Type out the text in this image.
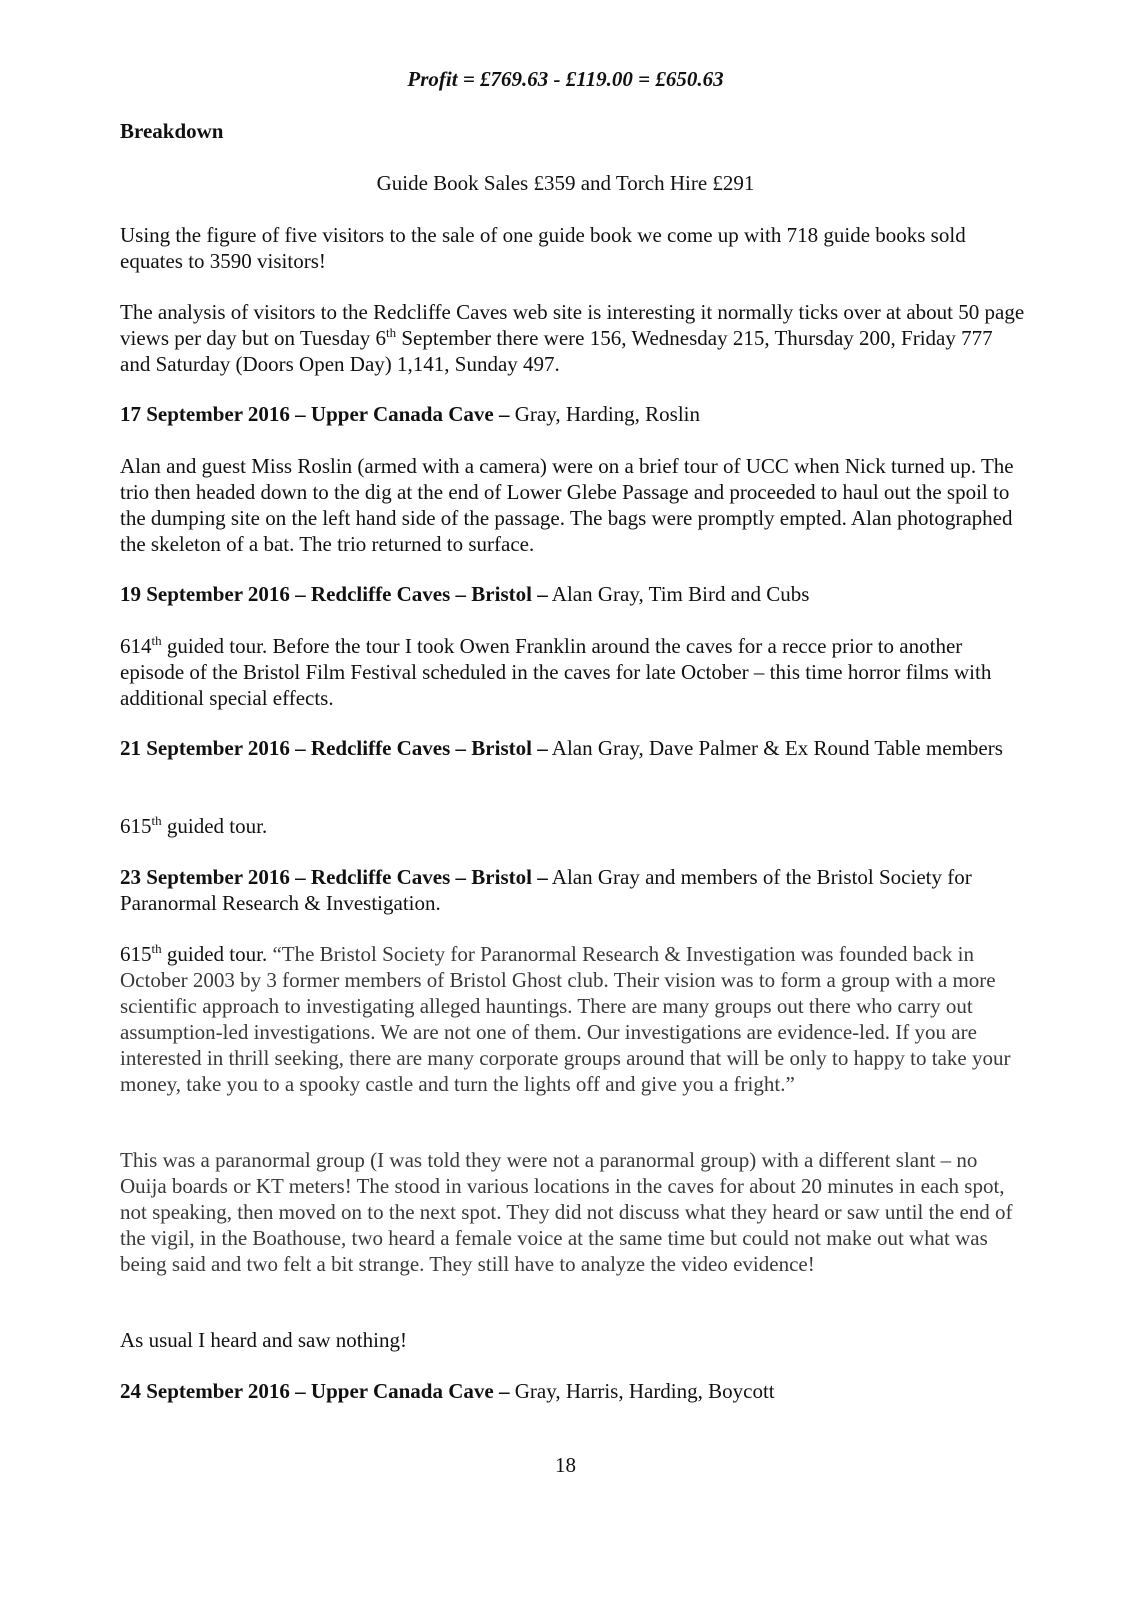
Profit = £769.63 - £119.00 = £650.63

Breakdown

Guide Book Sales £359 and Torch Hire £291

Using the figure of five visitors to the sale of one guide book we come up with 718 guide books sold equates to 3590 visitors!

The analysis of visitors to the Redcliffe Caves web site is interesting it normally ticks over at about 50 page views per day but on Tuesday 6th September there were 156, Wednesday 215, Thursday 200, Friday 777 and Saturday (Doors Open Day) 1,141, Sunday 497.

17 September 2016 – Upper Canada Cave – Gray, Harding, Roslin

Alan and guest Miss Roslin (armed with a camera) were on a brief tour of UCC when Nick turned up. The trio then headed down to the dig at the end of Lower Glebe Passage and proceeded to haul out the spoil to the dumping site on the left hand side of the passage. The bags were promptly empted. Alan photographed the skeleton of a bat. The trio returned to surface.

19 September 2016 – Redcliffe Caves – Bristol – Alan Gray, Tim Bird and Cubs

614th guided tour. Before the tour I took Owen Franklin around the caves for a recce prior to another episode of the Bristol Film Festival scheduled in the caves for late October – this time horror films with additional special effects.

21 September 2016 – Redcliffe Caves – Bristol – Alan Gray, Dave Palmer & Ex Round Table members

615th guided tour.

23 September 2016 – Redcliffe Caves – Bristol – Alan Gray and members of the Bristol Society for Paranormal Research & Investigation.

615th guided tour. “The Bristol Society for Paranormal Research & Investigation was founded back in October 2003 by 3 former members of Bristol Ghost club. Their vision was to form a group with a more scientific approach to investigating alleged hauntings. There are many groups out there who carry out assumption-led investigations. We are not one of them. Our investigations are evidence-led. If you are interested in thrill seeking, there are many corporate groups around that will be only to happy to take your money, take you to a spooky castle and turn the lights off and give you a fright.”

This was a paranormal group (I was told they were not a paranormal group) with a different slant – no Ouija boards or KT meters! The stood in various locations in the caves for about 20 minutes in each spot, not speaking, then moved on to the next spot. They did not discuss what they heard or saw until the end of the vigil, in the Boathouse, two heard a female voice at the same time but could not make out what was being said and two felt a bit strange. They still have to analyze the video evidence!

As usual I heard and saw nothing!

24 September 2016 – Upper Canada Cave – Gray, Harris, Harding, Boycott

18
